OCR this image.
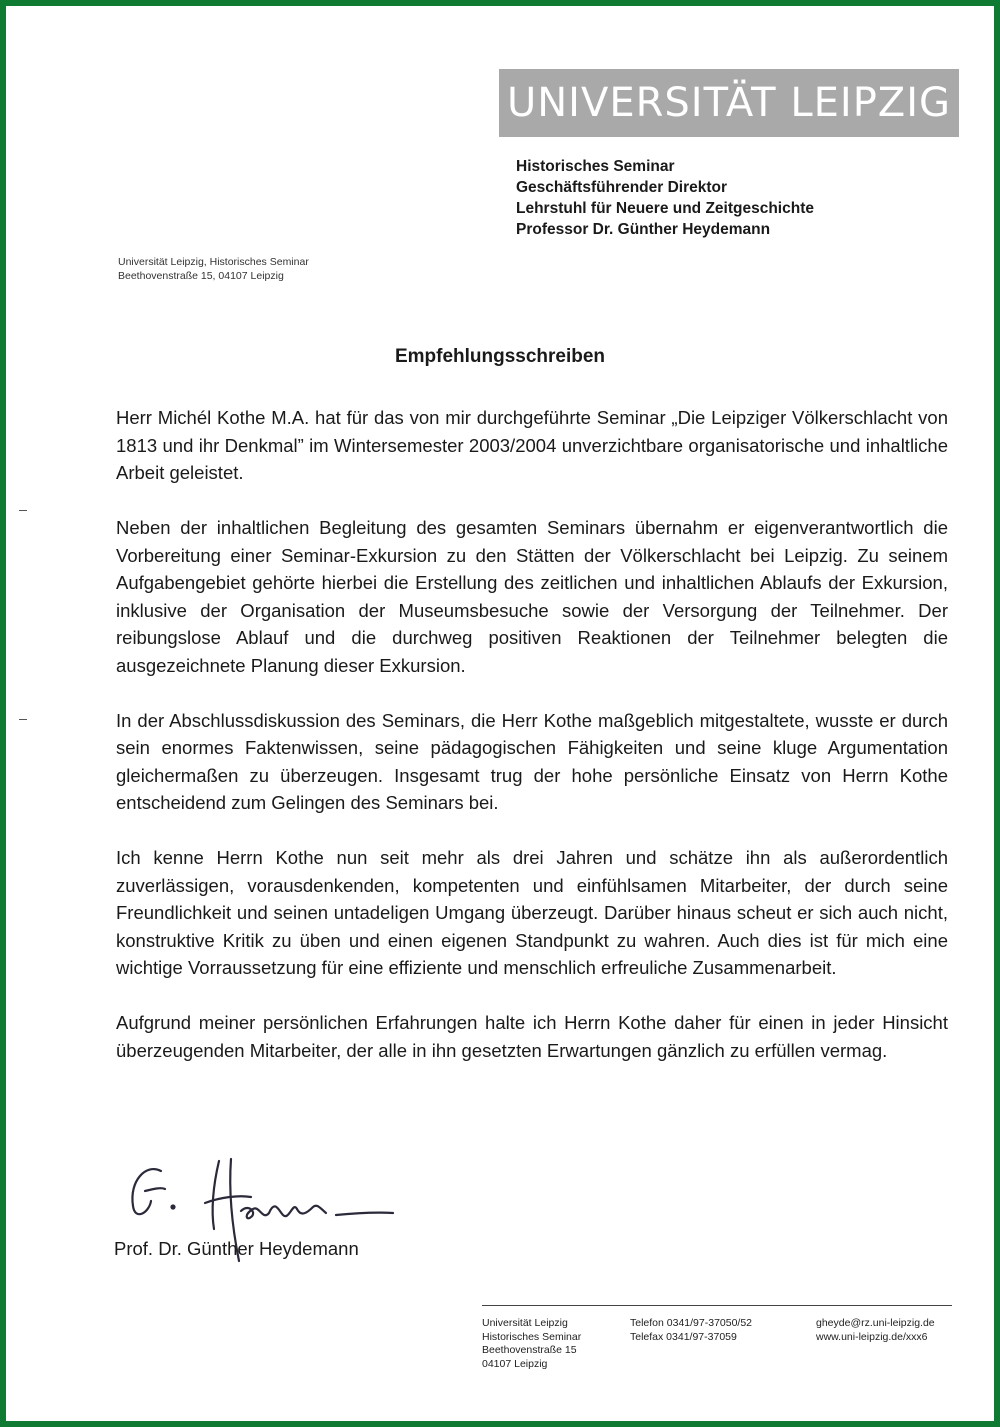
UNIVERSITÄT LEIPZIG
Historisches Seminar
Geschäftsführender Direktor
Lehrstuhl für Neuere und Zeitgeschichte
Professor Dr. Günther Heydemann
Universität Leipzig, Historisches Seminar
Beethovenstraße 15, 04107 Leipzig
Empfehlungsschreiben

Herr Michél Kothe M.A. hat für das von mir durchgeführte Seminar „Die Leipziger Völkerschlacht von 1813 und ihr Denkmal” im Wintersemester 2003/2004 unverzichtbare organisatorische und inhaltliche Arbeit geleistet.

Neben der inhaltlichen Begleitung des gesamten Seminars übernahm er eigenverantwortlich die Vorbereitung einer Seminar-Exkursion zu den Stätten der Völkerschlacht bei Leipzig. Zu seinem Aufgabengebiet gehörte hierbei die Erstellung des zeitlichen und inhaltlichen Ablaufs der Exkursion, inklusive der Organisation der Museumsbesuche sowie der Versorgung der Teilnehmer. Der reibungslose Ablauf und die durchweg positiven Reaktionen der Teilnehmer belegten die ausgezeichnete Planung dieser Exkursion.

In der Abschlussdiskussion des Seminars, die Herr Kothe maßgeblich mitgestaltete, wusste er durch sein enormes Faktenwissen, seine pädagogischen Fähigkeiten und seine kluge Argumentation gleichermaßen zu überzeugen. Insgesamt trug der hohe persönliche Einsatz von Herrn Kothe entscheidend zum Gelingen des Seminars bei.

Ich kenne Herrn Kothe nun seit mehr als drei Jahren und schätze ihn als außerordentlich zuverlässigen, vorausdenkenden, kompetenten und einfühlsamen Mitarbeiter, der durch seine Freundlichkeit und seinen untadeligen Umgang überzeugt. Darüber hinaus scheut er sich auch nicht, konstruktive Kritik zu üben und einen eigenen Standpunkt zu wahren. Auch dies ist für mich eine wichtige Vorraussetzung für eine effiziente und menschlich erfreuliche Zusammenarbeit.

Aufgrund meiner persönlichen Erfahrungen halte ich Herrn Kothe daher für einen in jeder Hinsicht überzeugenden Mitarbeiter, der alle in ihn gesetzten Erwartungen gänzlich zu erfüllen vermag.

Prof. Dr. Günther Heydemann
Universität Leipzig
Historisches Seminar
Beethovenstraße 15
04107 Leipzig
Telefon 0341/97-37050/52
Telefax 0341/97-37059
gheyde@rz.uni-leipzig.de
www.uni-leipzig.de/xxx6
